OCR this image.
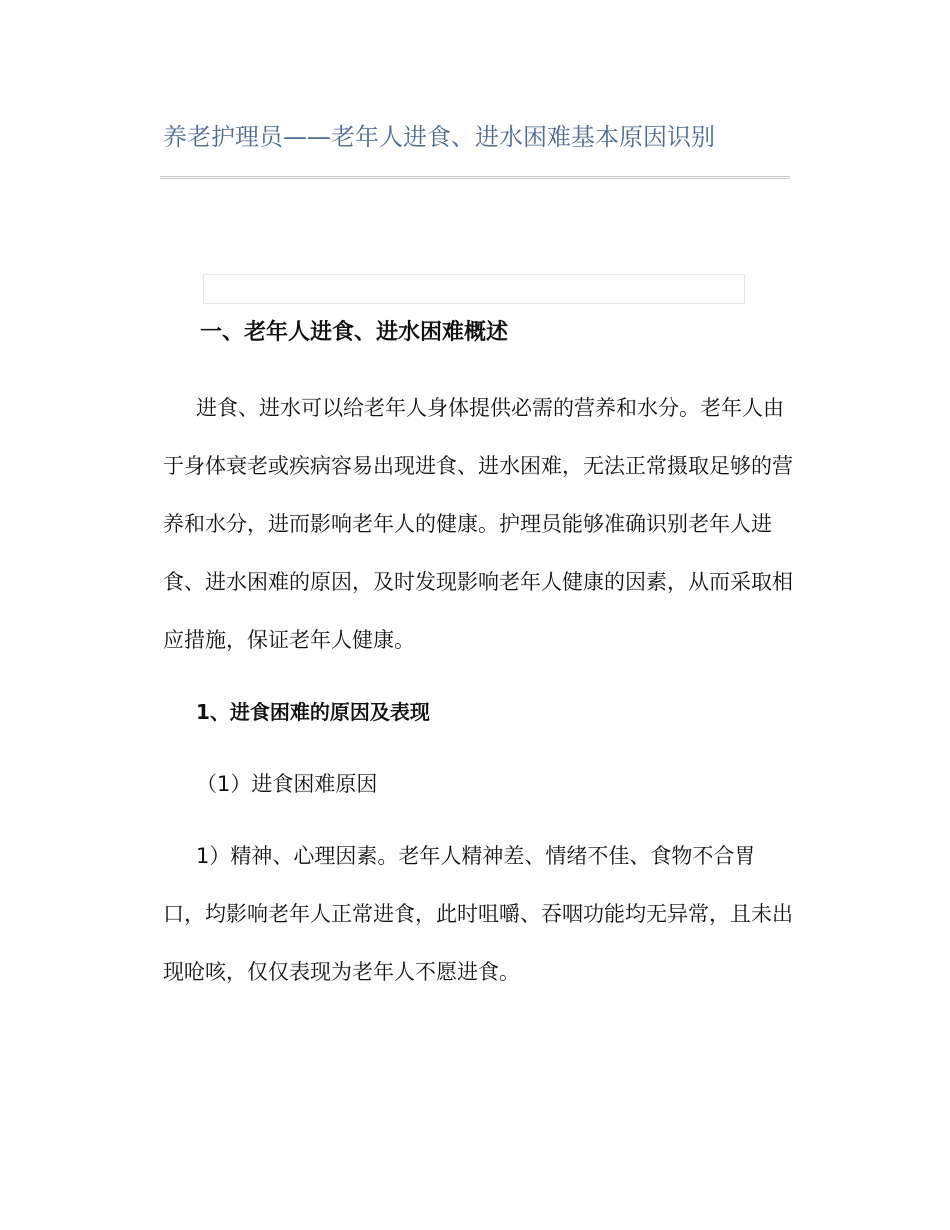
养老护理员——老年人进食、进水困难基本原因识别
一、老年人进食、进水困难概述

进食、进水可以给老年人身体提供必需的营养和水分。老年人由于身体衰老或疾病容易出现进食、进水困难，无法正常摄取足够的营养和水分，进而影响老年人的健康。护理员能够准确识别老年人进食、进水困难的原因，及时发现影响老年人健康的因素，从而采取相应措施，保证老年人健康。

1、进食困难的原因及表现
（1）进食困难原因

1）精神、心理因素。老年人精神差、情绪不佳、食物不合胃口，均影响老年人正常进食，此时咀嚼、吞咽功能均无异常，且未出现呛咳，仅仅表现为老年人不愿进食。
